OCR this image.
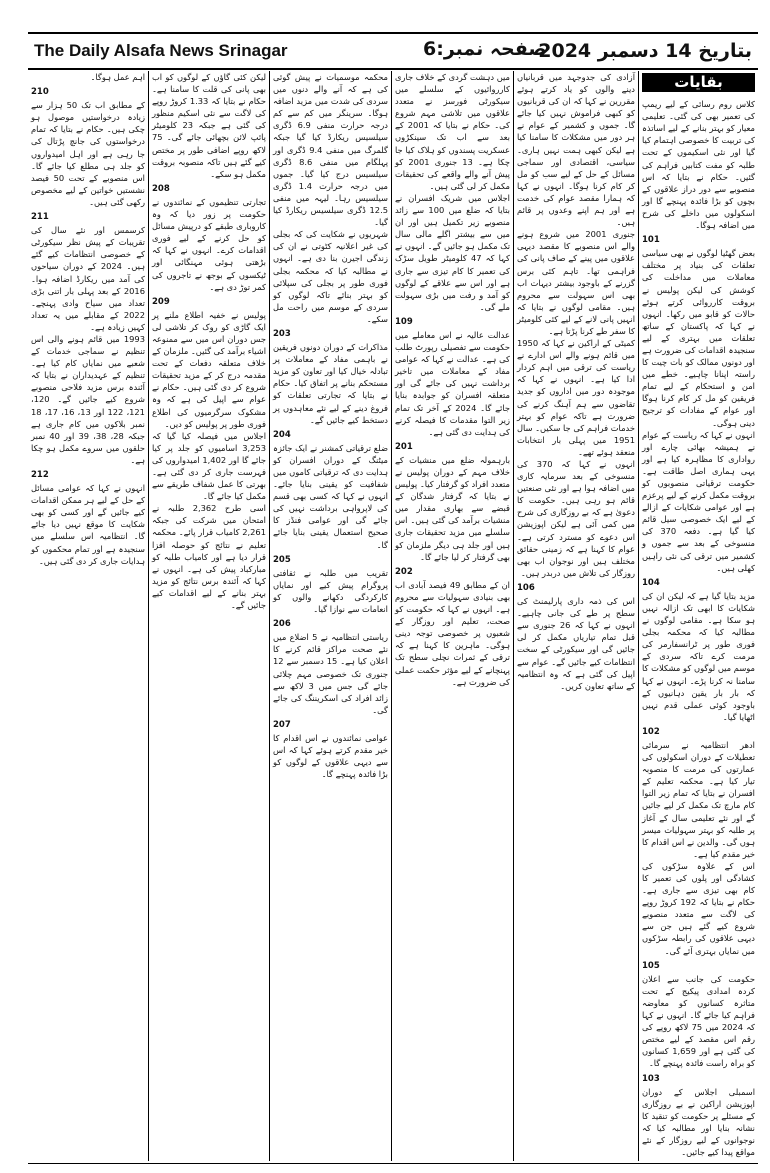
The Daily Alsafa News Srinagar	صفحہ نمبر:6
بتاریخ 14 دسمبر 2024
بقایات

کلاس روم رسائی کے لیے ریمپ کی تعمیر بھی کی گئی۔ تعلیمی معیار کو بہتر بنانے کے لیے اساتذہ کی تربیت کا خصوصی اہتمام کیا گیا اور نئی اسکیموں کے تحت طلبہ کو مفت کتابیں فراہم کی گئیں۔ حکام نے بتایا کہ اس منصوبے سے دور دراز علاقوں کے بچوں کو بڑا فائدہ پہنچے گا اور اسکولوں میں داخلے کی شرح میں اضافہ ہوگا۔

101

بعض گھٹیا لوگوں نے بھی سیاسی تعلقات کی بنیاد پر مختلف معاملات میں مداخلت کی کوشش کی لیکن پولیس نے بروقت کارروائی کرتے ہوئے حالات کو قابو میں رکھا۔ انہوں نے کہا کہ پاکستان کے ساتھ تعلقات میں بہتری کے لیے سنجیدہ اقدامات کی ضرورت ہے اور دونوں ممالک کو بات چیت کا راستہ اپنانا چاہیے۔ خطے میں امن و استحکام کے لیے تمام فریقین کو مل کر کام کرنا ہوگا اور عوام کے مفادات کو ترجیح دینی ہوگی۔

انہوں نے کہا کہ ریاست کے عوام نے ہمیشہ بھائی چارے اور رواداری کا مظاہرہ کیا ہے اور یہی ہماری اصل طاقت ہے۔ حکومت ترقیاتی منصوبوں کو بروقت مکمل کرنے کے لیے پرعزم ہے اور عوامی شکایات کے ازالے کے لیے ایک خصوصی سیل قائم کیا گیا ہے۔ دفعہ 370 کی منسوخی کے بعد سے جموں و کشمیر میں ترقی کی نئی راہیں کھلی ہیں۔

104

مزید بتایا گیا ہے کہ لیکن ان کی شکایات کا ابھی تک ازالہ نہیں ہو سکا ہے۔ مقامی لوگوں نے مطالبہ کیا کہ محکمہ بجلی فوری طور پر ٹرانسفارمر کی مرمت کرے تاکہ سردی کے موسم میں لوگوں کو مشکلات کا سامنا نہ کرنا پڑے۔ انہوں نے کہا کہ بار بار یقین دہانیوں کے باوجود کوئی عملی قدم نہیں اٹھایا گیا۔

102

ادھر انتظامیہ نے سرمائی تعطیلات کے دوران اسکولوں کی عمارتوں کی مرمت کا منصوبہ تیار کیا ہے۔ محکمہ تعلیم کے افسران نے بتایا کہ تمام زیر التوا کام مارچ تک مکمل کر لیے جائیں گے اور نئے تعلیمی سال کے آغاز پر طلبہ کو بہتر سہولیات میسر ہوں گی۔ والدین نے اس اقدام کا خیر مقدم کیا ہے۔

اس کے علاوہ سڑکوں کی کشادگی اور پلوں کی تعمیر کا کام بھی تیزی سے جاری ہے۔ حکام نے بتایا کہ 192 کروڑ روپے کی لاگت سے متعدد منصوبے شروع کیے گئے ہیں جن سے دیہی علاقوں کی رابطہ سڑکوں میں نمایاں بہتری آئے گی۔

105

حکومت کی جانب سے اعلان کردہ امدادی پیکیج کے تحت متاثرہ کسانوں کو معاوضہ فراہم کیا جائے گا۔ انہوں نے کہا کہ 2024 میں 75 لاکھ روپے کی رقم اس مقصد کے لیے مختص کی گئی ہے اور 1,659 کسانوں کو براہ راست فائدہ پہنچے گا۔

103

اسمبلی اجلاس کے دوران اپوزیشن اراکین نے بے روزگاری کے مسئلے پر حکومت کو تنقید کا نشانہ بنایا اور مطالبہ کیا کہ نوجوانوں کے لیے روزگار کے نئے مواقع پیدا کیے جائیں۔

آزادی کی جدوجہد میں قربانیاں دینے والوں کو یاد کرتے ہوئے مقررین نے کہا کہ ان کی قربانیوں کو کبھی فراموش نہیں کیا جائے گا۔ جموں و کشمیر کے عوام نے ہر دور میں مشکلات کا سامنا کیا ہے لیکن کبھی ہمت نہیں ہاری۔ سیاسی، اقتصادی اور سماجی مسائل کے حل کے لیے سب کو مل کر کام کرنا ہوگا۔ انہوں نے کہا کہ ہمارا مقصد عوام کی خدمت ہے اور ہم اپنے وعدوں پر قائم ہیں۔

جنوری 2001 میں شروع ہونے والے اس منصوبے کا مقصد دیہی علاقوں میں پینے کے صاف پانی کی فراہمی تھا۔ تاہم کئی برس گزرنے کے باوجود بیشتر دیہات اب بھی اس سہولت سے محروم ہیں۔ مقامی لوگوں نے بتایا کہ انہیں پانی لانے کے لیے کئی کلومیٹر کا سفر طے کرنا پڑتا ہے۔

کمیٹی کے اراکین نے کہا کہ 1950 میں قائم ہونے والے اس ادارے نے ریاست کی ترقی میں اہم کردار ادا کیا ہے۔ انہوں نے کہا کہ موجودہ دور میں اداروں کو جدید تقاضوں سے ہم آہنگ کرنے کی ضرورت ہے تاکہ عوام کو بہتر خدمات فراہم کی جا سکیں۔ سال 1951 میں پہلی بار انتخابات منعقد ہوئے تھے۔

انہوں نے کہا کہ 370 کی منسوخی کے بعد سرمایہ کاری میں اضافہ ہوا ہے اور نئی صنعتیں قائم ہو رہی ہیں۔ حکومت کا دعویٰ ہے کہ بے روزگاری کی شرح میں کمی آئی ہے لیکن اپوزیشن اس دعوے کو مسترد کرتی ہے۔ عوام کا کہنا ہے کہ زمینی حقائق مختلف ہیں اور نوجوان اب بھی روزگار کی تلاش میں دربدر ہیں۔

106

اس کی ذمہ داری پارلیمنٹ کی سطح پر طے کی جانی چاہیے۔ انہوں نے کہا کہ 26 جنوری سے قبل تمام تیاریاں مکمل کر لی جائیں گی اور سیکورٹی کے سخت انتظامات کیے جائیں گے۔ عوام سے اپیل کی گئی ہے کہ وہ انتظامیہ کے ساتھ تعاون کریں۔

میں دہشت گردی کے خلاف جاری کارروائیوں کے سلسلے میں سیکورٹی فورسز نے متعدد علاقوں میں تلاشی مہم شروع کی۔ حکام نے بتایا کہ 2001 کے بعد سے اب تک سینکڑوں عسکریت پسندوں کو ہلاک کیا جا چکا ہے۔ 13 جنوری 2001 کو پیش آنے والے واقعے کی تحقیقات مکمل کر لی گئی ہیں۔

اجلاس میں شریک افسران نے بتایا کہ ضلع میں 100 سے زائد منصوبے زیر تکمیل ہیں اور ان میں سے بیشتر اگلے مالی سال تک مکمل ہو جائیں گے۔ انہوں نے کہا کہ 47 کلومیٹر طویل سڑک کی تعمیر کا کام تیزی سے جاری ہے اور اس سے علاقے کے لوگوں کو آمد و رفت میں بڑی سہولت ملے گی۔

109

عدالت عالیہ نے اس معاملے میں حکومت سے تفصیلی رپورٹ طلب کی ہے۔ عدالت نے کہا کہ عوامی مفاد کے معاملات میں تاخیر برداشت نہیں کی جائے گی اور متعلقہ افسران کو جوابدہ بنایا جائے گا۔ 2024 کے آخر تک تمام زیر التوا مقدمات کا فیصلہ کرنے کی ہدایت دی گئی ہے۔

201

بارہمولہ ضلع میں منشیات کے خلاف مہم کے دوران پولیس نے متعدد افراد کو گرفتار کیا۔ پولیس نے بتایا کہ گرفتار شدگان کے قبضے سے بھاری مقدار میں منشیات برآمد کی گئی ہیں۔ اس سلسلے میں مزید تحقیقات جاری ہیں اور جلد ہی دیگر ملزمان کو بھی گرفتار کر لیا جائے گا۔

202

ان کے مطابق 49 فیصد آبادی اب بھی بنیادی سہولیات سے محروم ہے۔ انہوں نے کہا کہ حکومت کو صحت، تعلیم اور روزگار کے شعبوں پر خصوصی توجہ دینی ہوگی۔ ماہرین کا کہنا ہے کہ ترقی کے ثمرات نچلی سطح تک پہنچانے کے لیے مؤثر حکمت عملی کی ضرورت ہے۔

محکمہ موسمیات نے پیش گوئی کی ہے کہ آنے والے دنوں میں سردی کی شدت میں مزید اضافہ ہوگا۔ سرینگر میں کم سے کم درجہ حرارت منفی 6.9 ڈگری سیلسیس ریکارڈ کیا گیا جبکہ گلمرگ میں منفی 9.4 ڈگری اور پہلگام میں منفی 8.6 ڈگری سیلسیس درج کیا گیا۔ جموں میں درجہ حرارت 1.4 ڈگری سیلسیس رہا۔ لیہہ میں منفی 12.5 ڈگری سیلسیس ریکارڈ کیا گیا۔

شہریوں نے شکایت کی کہ بجلی کی غیر اعلانیہ کٹوتی نے ان کی زندگی اجیرن بنا دی ہے۔ انہوں نے مطالبہ کیا کہ محکمہ بجلی فوری طور پر بجلی کی سپلائی کو بہتر بنائے تاکہ لوگوں کو سردی کے موسم میں راحت مل سکے۔

203

مذاکرات کے دوران دونوں فریقین نے باہمی مفاد کے معاملات پر تبادلہ خیال کیا اور تعاون کو مزید مستحکم بنانے پر اتفاق کیا۔ حکام نے بتایا کہ تجارتی تعلقات کو فروغ دینے کے لیے نئے معاہدوں پر دستخط کیے جائیں گے۔

204

ضلع ترقیاتی کمشنر نے ایک جائزہ میٹنگ کے دوران افسران کو ہدایت دی کہ ترقیاتی کاموں میں شفافیت کو یقینی بنایا جائے۔ انہوں نے کہا کہ کسی بھی قسم کی لاپرواہی برداشت نہیں کی جائے گی اور عوامی فنڈز کا صحیح استعمال یقینی بنایا جائے گا۔

205

تقریب میں طلبہ نے ثقافتی پروگرام پیش کیے اور نمایاں کارکردگی دکھانے والوں کو انعامات سے نوازا گیا۔

206

ریاستی انتظامیہ نے 5 اضلاع میں نئے صحت مراکز قائم کرنے کا اعلان کیا ہے۔ 15 دسمبر سے 12 جنوری تک خصوصی مہم چلائی جائے گی جس میں 3 لاکھ سے زائد افراد کی اسکریننگ کی جائے گی۔

207

عوامی نمائندوں نے اس اقدام کا خیر مقدم کرتے ہوئے کہا کہ اس سے دیہی علاقوں کے لوگوں کو بڑا فائدہ پہنچے گا۔

لیکن کئی گاؤں کے لوگوں کو اب بھی پانی کی قلت کا سامنا ہے۔ حکام نے بتایا کہ 1.33 کروڑ روپے کی لاگت سے نئی اسکیم منظور کی گئی ہے جبکہ 23 کلومیٹر پائپ لائن بچھائی جائے گی۔ 75 لاکھ روپے اضافی طور پر مختص کیے گئے ہیں تاکہ منصوبہ بروقت مکمل ہو سکے۔

208

تجارتی تنظیموں کے نمائندوں نے حکومت پر زور دیا کہ وہ کاروباری طبقے کو درپیش مسائل کو حل کرنے کے لیے فوری اقدامات کرے۔ انہوں نے کہا کہ بڑھتی ہوئی مہنگائی اور ٹیکسوں کے بوجھ نے تاجروں کی کمر توڑ دی ہے۔

209

پولیس نے خفیہ اطلاع ملنے پر ایک گاڑی کو روک کر تلاشی لی جس دوران اس میں سے ممنوعہ اشیاء برآمد کی گئیں۔ ملزمان کے خلاف متعلقہ دفعات کے تحت مقدمہ درج کر کے مزید تحقیقات شروع کر دی گئی ہیں۔ حکام نے عوام سے اپیل کی ہے کہ وہ مشکوک سرگرمیوں کی اطلاع فوری طور پر پولیس کو دیں۔

اجلاس میں فیصلہ کیا گیا کہ 3,253 اسامیوں کو جلد پر کیا جائے گا اور 1,402 امیدواروں کی فہرست جاری کر دی گئی ہے۔ بھرتی کا عمل شفاف طریقے سے مکمل کیا جائے گا۔

اسی طرح 2,362 طلبہ نے امتحان میں شرکت کی جبکہ 2,261 کامیاب قرار پائے۔ محکمہ تعلیم نے نتائج کو حوصلہ افزا قرار دیا ہے اور کامیاب طلبہ کو مبارکباد پیش کی ہے۔ انہوں نے کہا کہ آئندہ برس نتائج کو مزید بہتر بنانے کے لیے اقدامات کیے جائیں گے۔

اہم عمل ہوگا۔

210

کے مطابق اب تک 50 ہزار سے زیادہ درخواستیں موصول ہو چکی ہیں۔ حکام نے بتایا کہ تمام درخواستوں کی جانچ پڑتال کی جا رہی ہے اور اہل امیدواروں کو جلد ہی مطلع کیا جائے گا۔ اس منصوبے کے تحت 50 فیصد نشستیں خواتین کے لیے مخصوص رکھی گئی ہیں۔

211

کرسمس اور نئے سال کی تقریبات کے پیش نظر سیکورٹی کے خصوصی انتظامات کیے گئے ہیں۔ 2024 کے دوران سیاحوں کی آمد میں ریکارڈ اضافہ ہوا۔ 2016 کے بعد پہلی بار اتنی بڑی تعداد میں سیاح وادی پہنچے۔ 2022 کے مقابلے میں یہ تعداد کہیں زیادہ ہے۔

1993 میں قائم ہونے والی اس تنظیم نے سماجی خدمات کے شعبے میں نمایاں کام کیا ہے۔ تنظیم کے عہدیداران نے بتایا کہ آئندہ برس مزید فلاحی منصوبے شروع کیے جائیں گے۔ 120، 121، 122 اور 13، 16، 17، 18 نمبر بلاکوں میں کام جاری ہے جبکہ 28، 38، 39 اور 40 نمبر حلقوں میں سروے مکمل ہو چکا ہے۔

212

انہوں نے کہا کہ عوامی مسائل کے حل کے لیے ہر ممکن اقدامات کیے جائیں گے اور کسی کو بھی شکایت کا موقع نہیں دیا جائے گا۔ انتظامیہ اس سلسلے میں سنجیدہ ہے اور تمام محکموں کو ہدایات جاری کر دی گئی ہیں۔
